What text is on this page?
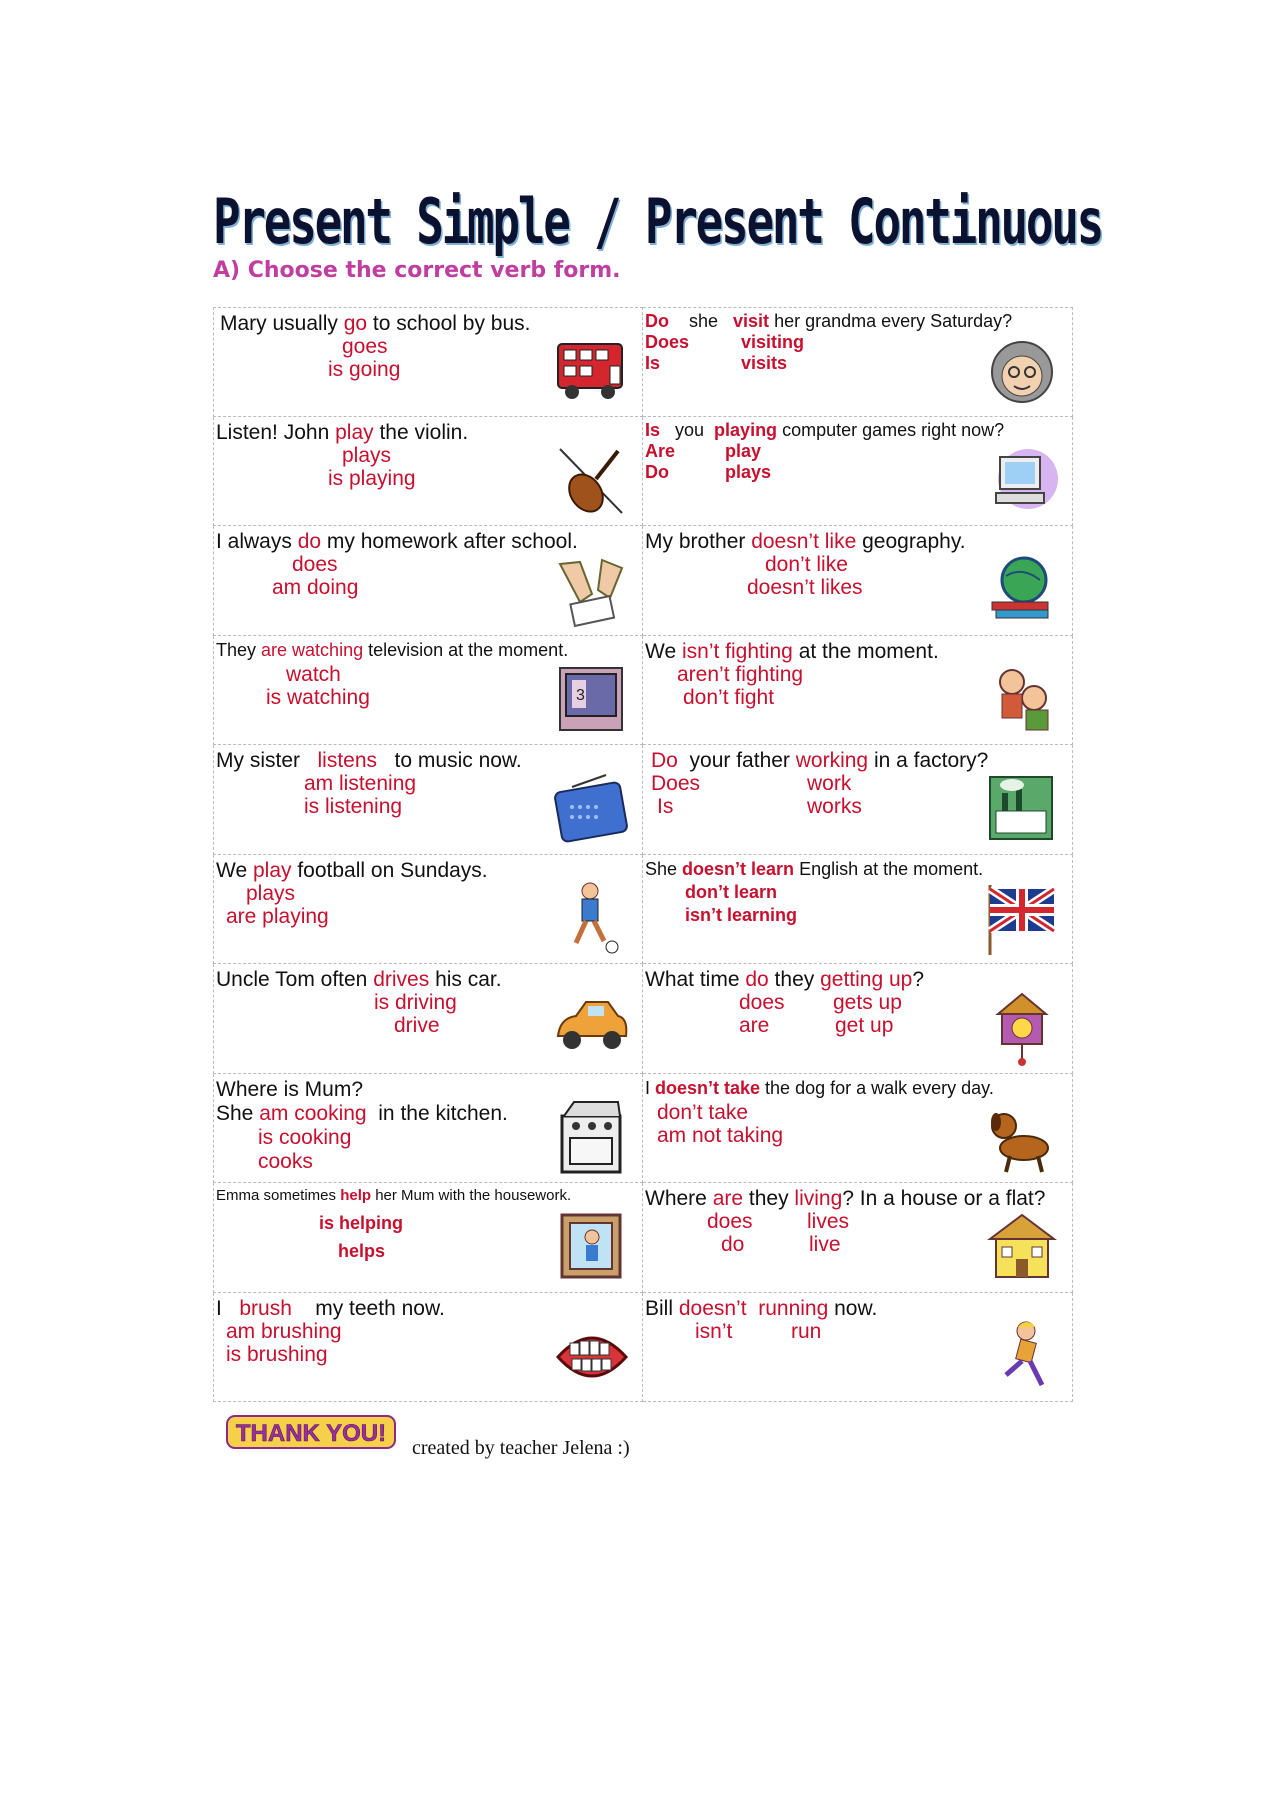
Present Simple / Present Continuous
A) Choose the correct verb form.
Mary usually go to school by bus.
goes
is going
Do    she   visit her grandma every Saturday?
Does	visiting
Is	visits
Listen! John play the violin.
plays
is playing
Is   you  playing computer games right now?
Are	play
Do	plays
I always do my homework after school.
does
am doing
My brother doesn’t like geography.
don’t like
doesn’t likes
They are watching television at the moment.
watch
is watching	3
We isn’t fighting at the moment.
aren’t fighting
don’t fight
My sister   listens   to music now.
am listening
is listening
Do  your father working in a factory?
Does	work
Is	works
We play football on Sundays.
plays
are playing
She doesn’t learn English at the moment.
don’t learn
isn’t learning
Uncle Tom often drives his car.
is driving
drive
What time do they getting up?
does gets up
are	get up
Where is Mum?
She am cooking  in the kitchen.
is cooking
cooks
I doesn’t take the dog for a walk every day.
don’t take
am not taking
Emma sometimes help her Mum with the housework.
is helping
helps
Where are they living? In a house or a flat?
does	lives
do	live
I   brush    my teeth now.
am brushing
is brushing
Bill doesn’t running now.
isn’t	run
THANK YOU!
created by teacher Jelena :)
